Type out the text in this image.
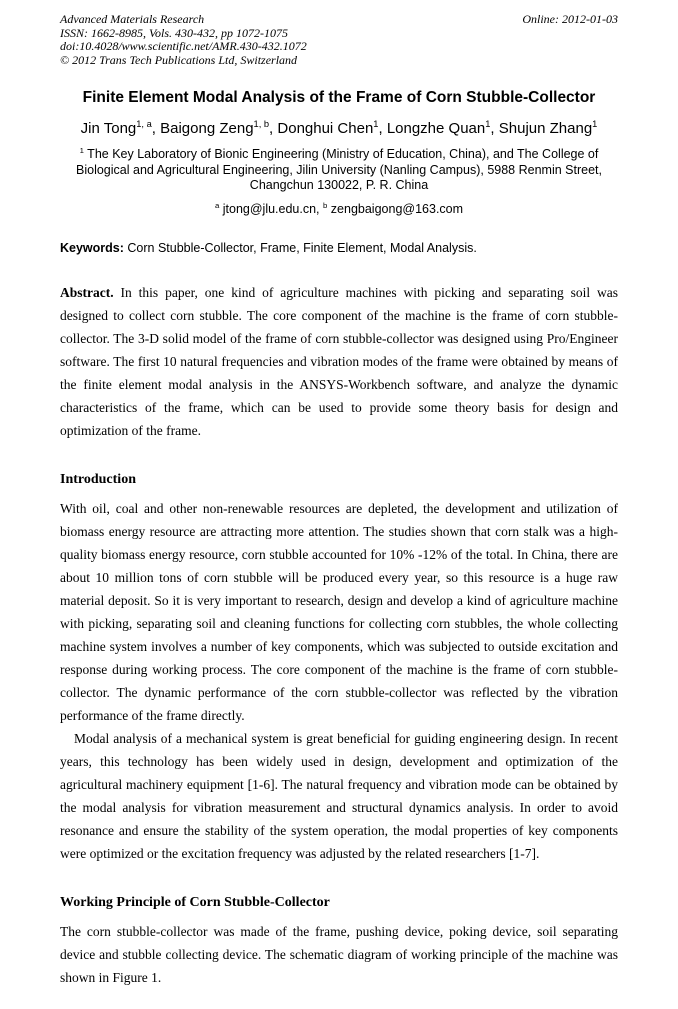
Advanced Materials Research
ISSN: 1662-8985, Vols. 430-432, pp 1072-1075
doi:10.4028/www.scientific.net/AMR.430-432.1072
© 2012 Trans Tech Publications Ltd, Switzerland
Online: 2012-01-03
Finite Element Modal Analysis of the Frame of Corn Stubble-Collector
Jin Tong$^{1, a}$, Baigong Zeng$^{1, b}$, Donghui Chen$^1$, Longzhe Quan$^1$, Shujun Zhang$^1$
$^1$ The Key Laboratory of Bionic Engineering (Ministry of Education, China), and The College of Biological and Agricultural Engineering, Jilin University (Nanling Campus), 5988 Renmin Street, Changchun 130022, P. R. China
$^a$ jtong@jlu.edu.cn, $^b$ zengbaigong@163.com
Keywords: Corn Stubble-Collector, Frame, Finite Element, Modal Analysis.

Abstract. In this paper, one kind of agriculture machines with picking and separating soil was designed to collect corn stubble. The core component of the machine is the frame of corn stubble-collector. The 3-D solid model of the frame of corn stubble-collector was designed using Pro/Engineer software. The first 10 natural frequencies and vibration modes of the frame were obtained by means of the finite element modal analysis in the ANSYS-Workbench software, and analyze the dynamic characteristics of the frame, which can be used to provide some theory basis for design and optimization of the frame.

Introduction

With oil, coal and other non-renewable resources are depleted, the development and utilization of biomass energy resource are attracting more attention. The studies shown that corn stalk was a high-quality biomass energy resource, corn stubble accounted for 10% -12% of the total. In China, there are about 10 million tons of corn stubble will be produced every year, so this resource is a huge raw material deposit. So it is very important to research, design and develop a kind of agriculture machine with picking, separating soil and cleaning functions for collecting corn stubbles, the whole collecting machine system involves a number of key components, which was subjected to outside excitation and response during working process. The core component of the machine is the frame of corn stubble-collector. The dynamic performance of the corn stubble-collector was reflected by the vibration performance of the frame directly.

Modal analysis of a mechanical system is great beneficial for guiding engineering design. In recent years, this technology has been widely used in design, development and optimization of the agricultural machinery equipment [1-6]. The natural frequency and vibration mode can be obtained by the modal analysis for vibration measurement and structural dynamics analysis. In order to avoid resonance and ensure the stability of the system operation, the modal properties of key components were optimized or the excitation frequency was adjusted by the related researchers [1-7].

Working Principle of Corn Stubble-Collector

The corn stubble-collector was made of the frame, pushing device, poking device, soil separating device and stubble collecting device. The schematic diagram of working principle of the machine was shown in Figure 1.
